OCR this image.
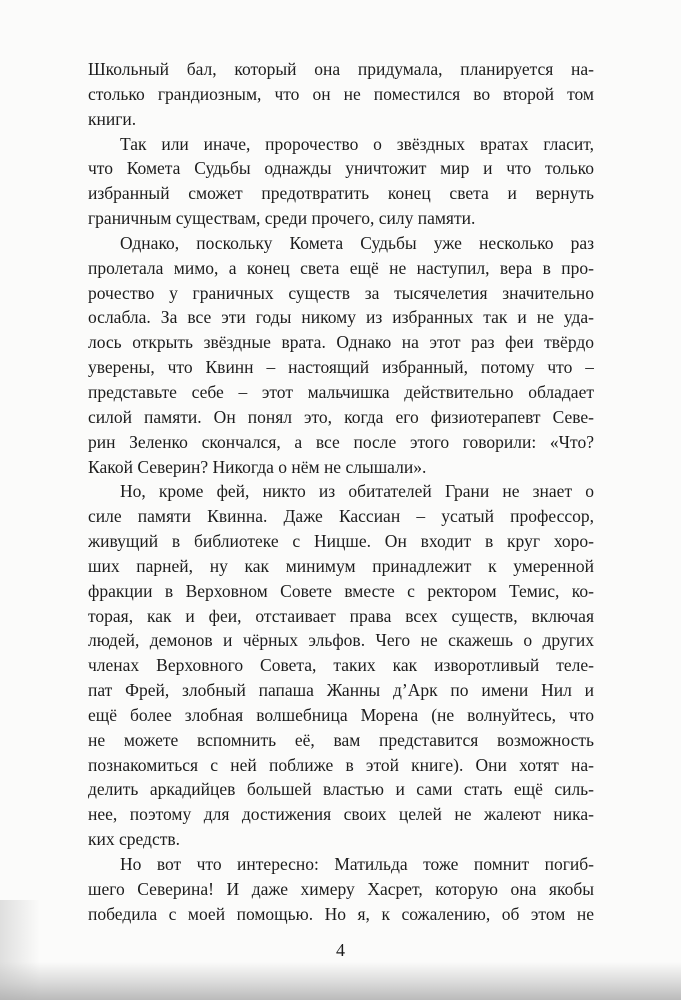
Школьный бал, который она придумала, планируется на-
столько грандиозным, что он не поместился во второй том
книги.
Так или иначе, пророчество о звёздных вратах гласит,
что Комета Судьбы однажды уничтожит мир и что только
избранный сможет предотвратить конец света и вернуть
граничным существам, среди прочего, силу памяти.
Однако, поскольку Комета Судьбы уже несколько раз
пролетала мимо, а конец света ещё не наступил, вера в про-
рочество у граничных существ за тысячелетия значительно
ослабла. За все эти годы никому из избранных так и не уда-
лось открыть звёздные врата. Однако на этот раз феи твёрдо
уверены, что Квинн – настоящий избранный, потому что –
представьте себе – этот мальчишка действительно обладает
силой памяти. Он понял это, когда его физиотерапевт Севе-
рин Зеленко скончался, а все после этого говорили: «Что?
Какой Северин? Никогда о нём не слышали».
Но, кроме фей, никто из обитателей Грани не знает о
силе памяти Квинна. Даже Кассиан – усатый профессор,
живущий в библиотеке с Ницше. Он входит в круг хоро-
ших парней, ну как минимум принадлежит к умеренной
фракции в Верховном Совете вместе с ректором Темис, ко-
торая, как и феи, отстаивает права всех существ, включая
людей, демонов и чёрных эльфов. Чего не скажешь о других
членах Верховного Совета, таких как изворотливый теле-
пат Фрей, злобный папаша Жанны д’Арк по имени Нил и
ещё более злобная волшебница Морена (не волнуйтесь, что
не можете вспомнить её, вам представится возможность
познакомиться с ней поближе в этой книге). Они хотят на-
делить аркадийцев большей властью и сами стать ещё силь-
нее, поэтому для достижения своих целей не жалеют ника-
ких средств.
Но вот что интересно: Матильда тоже помнит погиб-
шего Северина! И даже химеру Хасрет, которую она якобы
победила с моей помощью. Но я, к сожалению, об этом не
4
